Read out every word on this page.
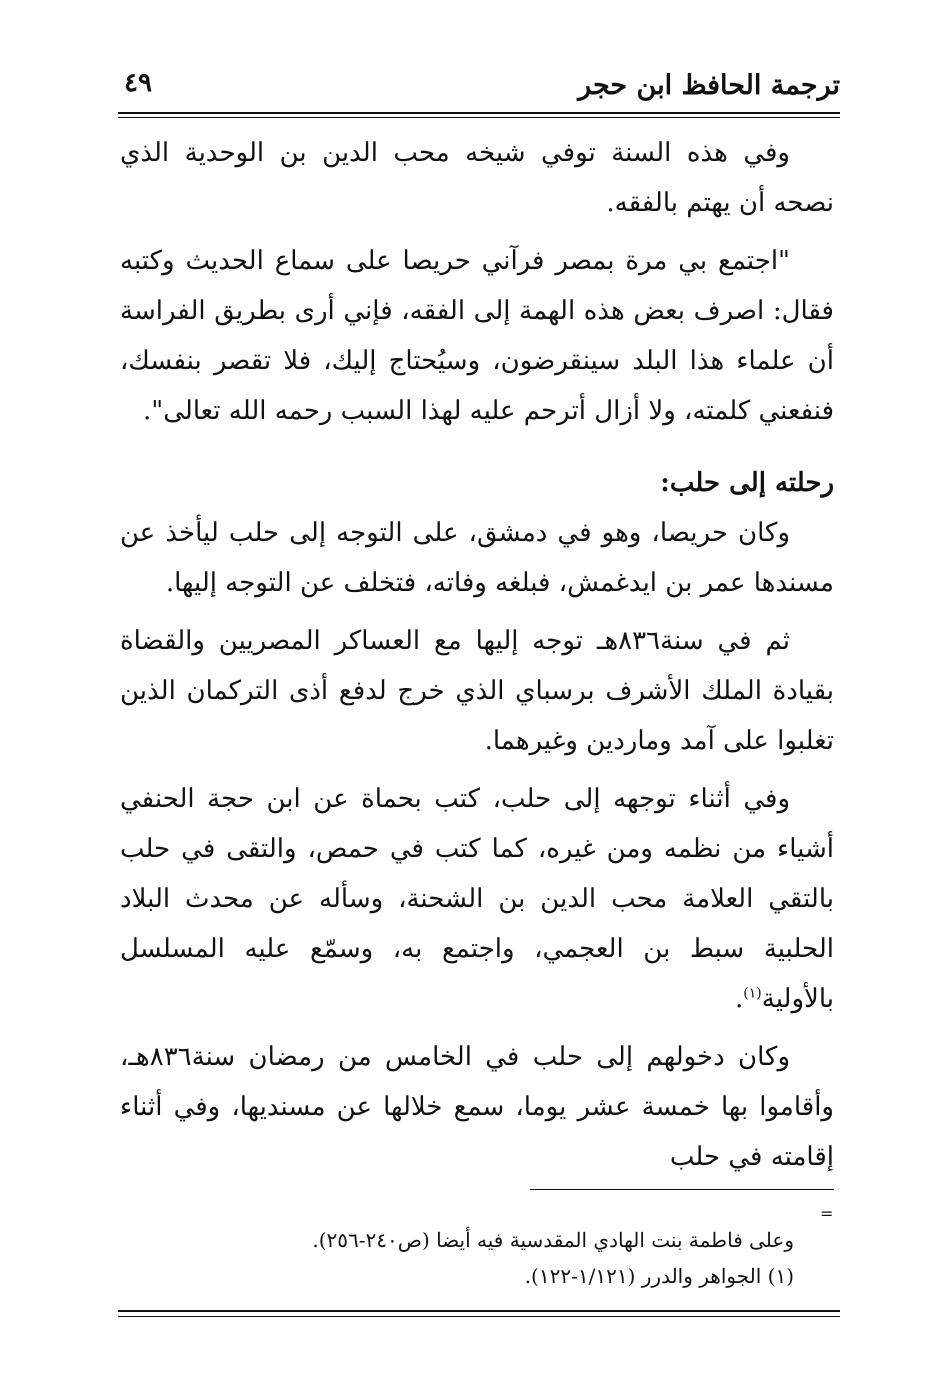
ترجمة الحافظ ابن حجر
٤٩

وفي هذه السنة توفي شيخه محب الدين بن الوحدية الذي نصحه أن يهتم بالفقه.

"اجتمع بي مرة بمصر فرآني حريصا على سماع الحديث وكتبه فقال: اصرف بعض هذه الهمة إلى الفقه، فإني أرى بطريق الفراسة أن علماء هذا البلد سينقرضون، وسيُحتاج إليك، فلا تقصر بنفسك، فنفعني كلمته، ولا أزال أترحم عليه لهذا السبب رحمه الله تعالى".

رحلته إلى حلب:

وكان حريصا، وهو في دمشق، على التوجه إلى حلب ليأخذ عن مسندها عمر بن ايدغمش، فبلغه وفاته، فتخلف عن التوجه إليها.

ثم في سنة٨٣٦هـ توجه إليها مع العساكر المصريين والقضاة بقيادة الملك الأشرف برسباي الذي خرج لدفع أذى التركمان الذين تغلبوا على آمد وماردين وغيرهما.

وفي أثناء توجهه إلى حلب، كتب بحماة عن ابن حجة الحنفي أشياء من نظمه ومن غيره، كما كتب في حمص، والتقى في حلب بالتقي العلامة محب الدين بن الشحنة، وسأله عن محدث البلاد الحلبية سبط بن العجمي، واجتمع به، وسمّع عليه المسلسل بالأولية$^{(١)}$.

وكان دخولهم إلى حلب في الخامس من رمضان سنة٨٣٦هـ، وأقاموا بها خمسة عشر يوما، سمع خلالها عن مسنديها، وفي أثناء إقامته في حلب

=

وعلى فاطمة بنت الهادي المقدسية فيه أيضا (ص٢٤٠-٢٥٦).

(١) الجواهر والدرر (١/١٢١-١٢٢).
